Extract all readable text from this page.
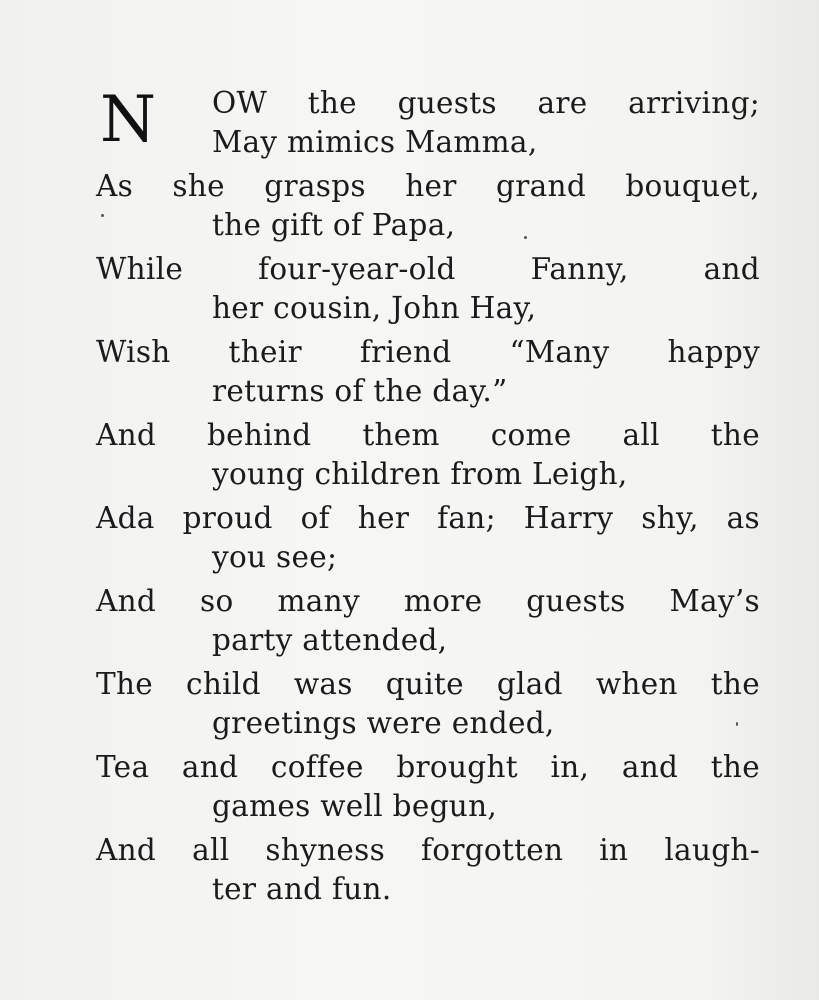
N OW the guests are arriving;
May mimics Mamma,
As she grasps her grand bouquet,
the gift of Papa,
While four-year-old Fanny, and
her cousin, John Hay,
Wish their friend “Many happy
returns of the day.”
And behind them come all the
young children from Leigh,
Ada proud of her fan; Harry shy, as
you see;
And so many more guests May’s
party attended,
The child was quite glad when the
greetings were ended,
Tea and coffee brought in, and the
games well begun,
And all shyness forgotten in laugh-
ter and fun.
